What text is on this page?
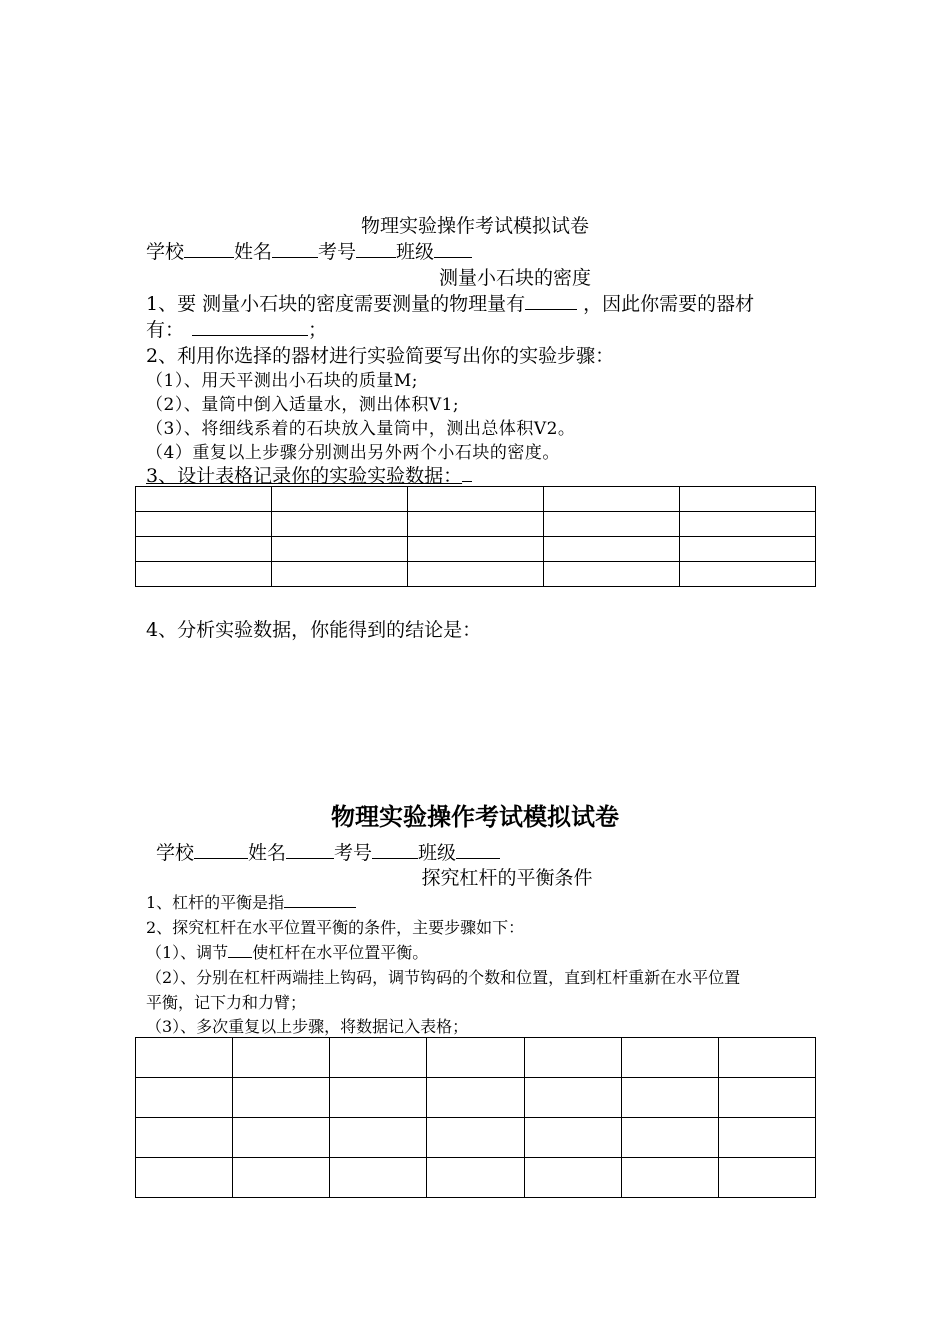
物理实验操作考试模拟试卷
学校	姓名 考号 班级
测量小石块的密度
1、要 测量小石块的密度需要测量的物理量有	，因此你需要的器材
有：	；
2、利用你选择的器材进行实验简要写出你的实验步骤：
（1）、用天平测出小石块的质量M;
（2）、量筒中倒入适量水，测出体积V1;
（3）、将细线系着的石块放入量筒中，测出总体积V2。
（4）重复以上步骤分别测出另外两个小石块的密度。
3、设计表格记录你的实验实验数据：

4、分析实验数据，你能得到的结论是：
物理实验操作考试模拟试卷
学校	姓名	考号 班级
探究杠杆的平衡条件
1、杠杆的平衡是指
2、探究杠杆在水平位置平衡的条件，主要步骤如下：
（1）、调节 使杠杆在水平位置平衡。
（2）、分别在杠杆两端挂上钩码，调节钩码的个数和位置，直到杠杆重新在水平位置
平衡，记下力和力臂；
（3）、多次重复以上步骤，将数据记入表格；
